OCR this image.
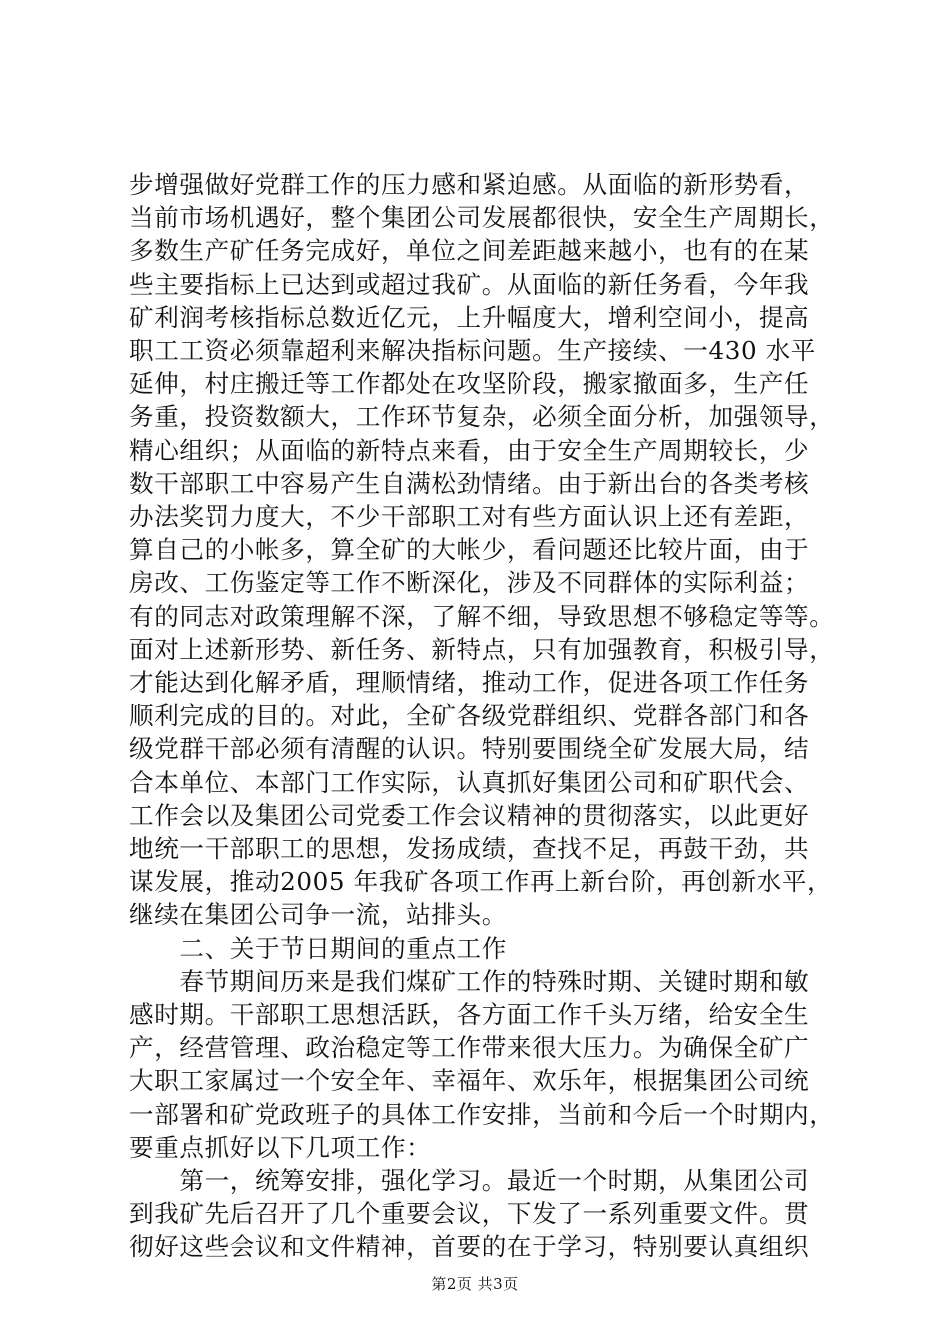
步增强做好党群工作的压力感和紧迫感。从面临的新形势看，
当前市场机遇好，整个集团公司发展都很快，安全生产周期长，
多数生产矿任务完成好，单位之间差距越来越小，也有的在某
些主要指标上已达到或超过我矿。从面临的新任务看，今年我
矿利润考核指标总数近亿元，上升幅度大，增利空间小，提高
职工工资必须靠超利来解决指标问题。生产接续、一430 水平
延伸，村庄搬迁等工作都处在攻坚阶段，搬家撤面多，生产任
务重，投资数额大，工作环节复杂，必须全面分析，加强领导，
精心组织；从面临的新特点来看，由于安全生产周期较长，少
数干部职工中容易产生自满松劲情绪。由于新出台的各类考核
办法奖罚力度大，不少干部职工对有些方面认识上还有差距，
算自己的小帐多，算全矿的大帐少，看问题还比较片面，由于
房改、工伤鉴定等工作不断深化，涉及不同群体的实际利益；
有的同志对政策理解不深，了解不细，导致思想不够稳定等等。
面对上述新形势、新任务、新特点，只有加强教育，积极引导，
才能达到化解矛盾，理顺情绪，推动工作，促进各项工作任务
顺利完成的目的。对此，全矿各级党群组织、党群各部门和各
级党群干部必须有清醒的认识。特别要围绕全矿发展大局，结
合本单位、本部门工作实际，认真抓好集团公司和矿职代会、
工作会以及集团公司党委工作会议精神的贯彻落实，以此更好
地统一干部职工的思想，发扬成绩，查找不足，再鼓干劲，共
谋发展，推动2005 年我矿各项工作再上新台阶，再创新水平，
继续在集团公司争一流，站排头。
　　二、关于节日期间的重点工作
　　春节期间历来是我们煤矿工作的特殊时期、关键时期和敏
感时期。干部职工思想活跃，各方面工作千头万绪，给安全生
产，经营管理、政治稳定等工作带来很大压力。为确保全矿广
大职工家属过一个安全年、幸福年、欢乐年，根据集团公司统
一部署和矿党政班子的具体工作安排，当前和今后一个时期内，
要重点抓好以下几项工作：
　　第一，统筹安排，强化学习。最近一个时期，从集团公司
到我矿先后召开了几个重要会议，下发了一系列重要文件。贯
彻好这些会议和文件精神，首要的在于学习，特别要认真组织
第2页 共3页
